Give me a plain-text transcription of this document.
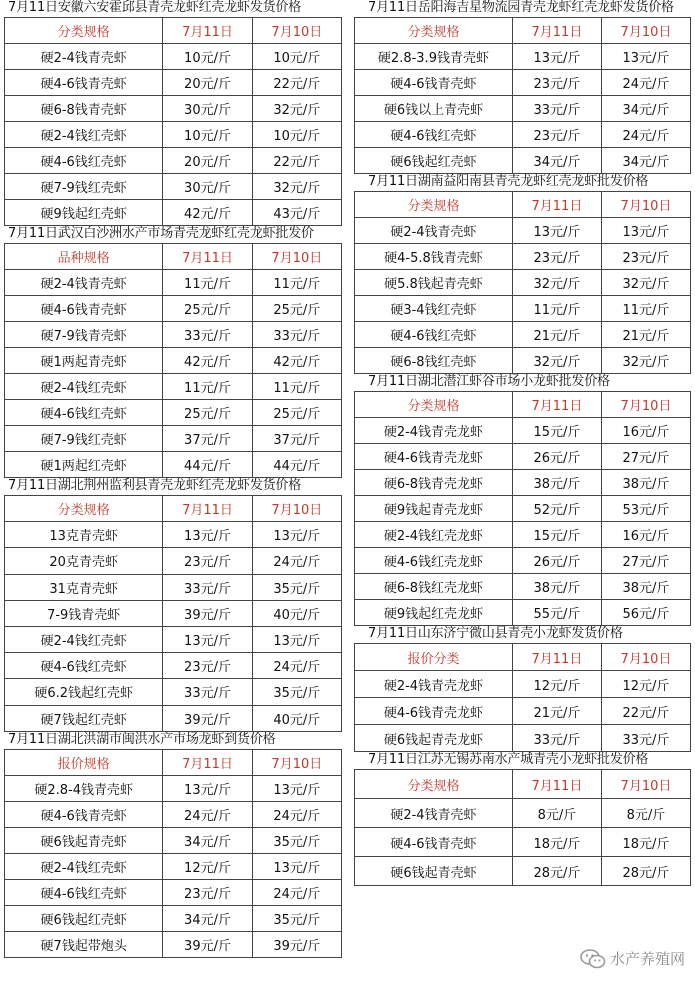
7月11日安徽六安霍邱县青壳龙虾红壳龙虾发货价格
分类规格	7月11日	7月10日
硬2-4钱青壳虾	10元/斤	10元/斤
硬4-6钱青壳虾	20元/斤	22元/斤
硬6-8钱青壳虾	30元/斤	32元/斤
硬2-4钱红壳虾	10元/斤	10元/斤
硬4-6钱红壳虾	20元/斤	22元/斤
硬7-9钱红壳虾	30元/斤	32元/斤
硬9钱起红壳虾	42元/斤	43元/斤
7月11日武汉白沙洲水产市场青壳龙虾红壳龙虾批发价
品种规格	7月11日	7月10日
硬2-4钱青壳虾	11元/斤	11元/斤
硬4-6钱青壳虾	25元/斤	25元/斤
硬7-9钱青壳虾	33元/斤	33元/斤
硬1两起青壳虾	42元/斤	42元/斤
硬2-4钱红壳虾	11元/斤	11元/斤
硬4-6钱红壳虾	25元/斤	25元/斤
硬7-9钱红壳虾	37元/斤	37元/斤
硬1两起红壳虾	44元/斤	44元/斤
7月11日湖北荆州监利县青壳龙虾红壳龙虾发货价格
分类规格	7月11日	7月10日
13克青壳虾	13元/斤	13元/斤
20克青壳虾	23元/斤	24元/斤
31克青壳虾	33元/斤	35元/斤
7-9钱青壳虾	39元/斤	40元/斤
硬2-4钱红壳虾	13元/斤	13元/斤
硬4-6钱红壳虾	23元/斤	24元/斤
硬6.2钱起红壳虾	33元/斤	35元/斤
硬7钱起红壳虾	39元/斤	40元/斤
7月11日湖北洪湖市闽洪水产市场龙虾到货价格
报价规格	7月11日	7月10日
硬2.8-4钱青壳虾	13元/斤	13元/斤
硬4-6钱青壳虾	24元/斤	24元/斤
硬6钱起青壳虾	34元/斤	35元/斤
硬2-4钱红壳虾	12元/斤	13元/斤
硬4-6钱红壳虾	23元/斤	24元/斤
硬6钱起红壳虾	34元/斤	35元/斤
硬7钱起带炮头	39元/斤	39元/斤
7月11日岳阳海吉星物流园青壳龙虾红壳龙虾发货价格
分类规格	7月11日	7月10日
硬2.8-3.9钱青壳虾	13元/斤	13元/斤
硬4-6钱青壳虾	23元/斤	24元/斤
硬6钱以上青壳虾	33元/斤	34元/斤
硬4-6钱红壳虾	23元/斤	24元/斤
硬6钱起红壳虾	34元/斤	34元/斤
7月11日湖南益阳南县青壳龙虾红壳龙虾批发价格
分类规格	7月11日	7月10日
硬2-4钱青壳虾	13元/斤	13元/斤
硬4-5.8钱青壳虾	23元/斤	23元/斤
硬5.8钱起青壳虾	32元/斤	32元/斤
硬3-4钱红壳虾	11元/斤	11元/斤
硬4-6钱红壳虾	21元/斤	21元/斤
硬6-8钱红壳虾	32元/斤	32元/斤
7月11日湖北潜江虾谷市场小龙虾批发价格
分类规格	7月11日	7月10日
硬2-4钱青壳龙虾	15元/斤	16元/斤
硬4-6钱青壳龙虾	26元/斤	27元/斤
硬6-8钱青壳龙虾	38元/斤	38元/斤
硬9钱起青壳龙虾	52元/斤	53元/斤
硬2-4钱红壳龙虾	15元/斤	16元/斤
硬4-6钱红壳龙虾	26元/斤	27元/斤
硬6-8钱红壳龙虾	38元/斤	38元/斤
硬9钱起红壳龙虾	55元/斤	56元/斤
7月11日山东济宁微山县青壳小龙虾发货价格
报价分类	7月11日	7月10日
硬2-4钱青壳龙虾	12元/斤	12元/斤
硬4-6钱青壳龙虾	21元/斤	22元/斤
硬6钱起青壳龙虾	33元/斤	33元/斤
7月11日江苏无锡苏南水产城青壳小龙虾批发价格
分类规格	7月11日	7月10日
硬2-4钱青壳虾	8元/斤	8元/斤
硬4-6钱青壳虾	18元/斤	18元/斤
硬6钱起青壳虾	28元/斤	28元/斤
水产养殖网
